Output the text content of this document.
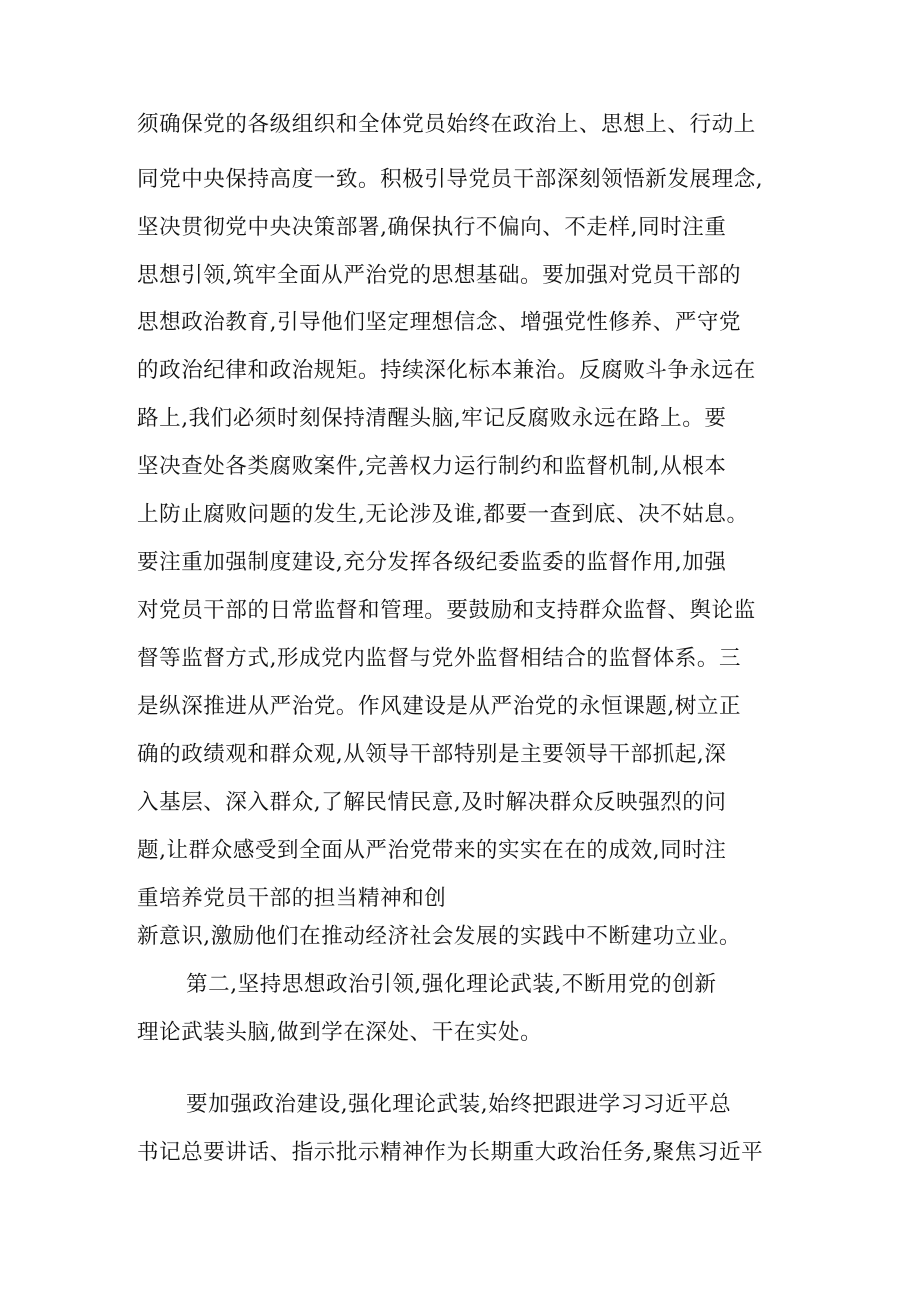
须确保党的各级组织和全体党员始终在政治上、思想上、行动上
同党中央保持高度一致。积极引导党员干部深刻领悟新发展理念,
坚决贯彻党中央决策部署,确保执行不偏向、不走样,同时注重
思想引领,筑牢全面从严治党的思想基础。要加强对党员干部的
思想政治教育,引导他们坚定理想信念、增强党性修养、严守党
的政治纪律和政治规矩。持续深化标本兼治。反腐败斗争永远在
路上,我们必须时刻保持清醒头脑,牢记反腐败永远在路上。要
坚决查处各类腐败案件,完善权力运行制约和监督机制,从根本
上防止腐败问题的发生,无论涉及谁,都要一查到底、决不姑息。
要注重加强制度建设,充分发挥各级纪委监委的监督作用,加强
对党员干部的日常监督和管理。要鼓励和支持群众监督、舆论监
督等监督方式,形成党内监督与党外监督相结合的监督体系。三
是纵深推进从严治党。作风建设是从严治党的永恒课题,树立正
确的政绩观和群众观,从领导干部特别是主要领导干部抓起,深
入基层、深入群众,了解民情民意,及时解决群众反映强烈的问
题,让群众感受到全面从严治党带来的实实在在的成效,同时注
重培养党员干部的担当精神和创
新意识,激励他们在推动经济社会发展的实践中不断建功立业。
第二,坚持思想政治引领,强化理论武装,不断用党的创新
理论武装头脑,做到学在深处、干在实处。
要加强政治建设,强化理论武装,始终把跟进学习习近平总
书记总要讲话、指示批示精神作为长期重大政治任务,聚焦习近平
